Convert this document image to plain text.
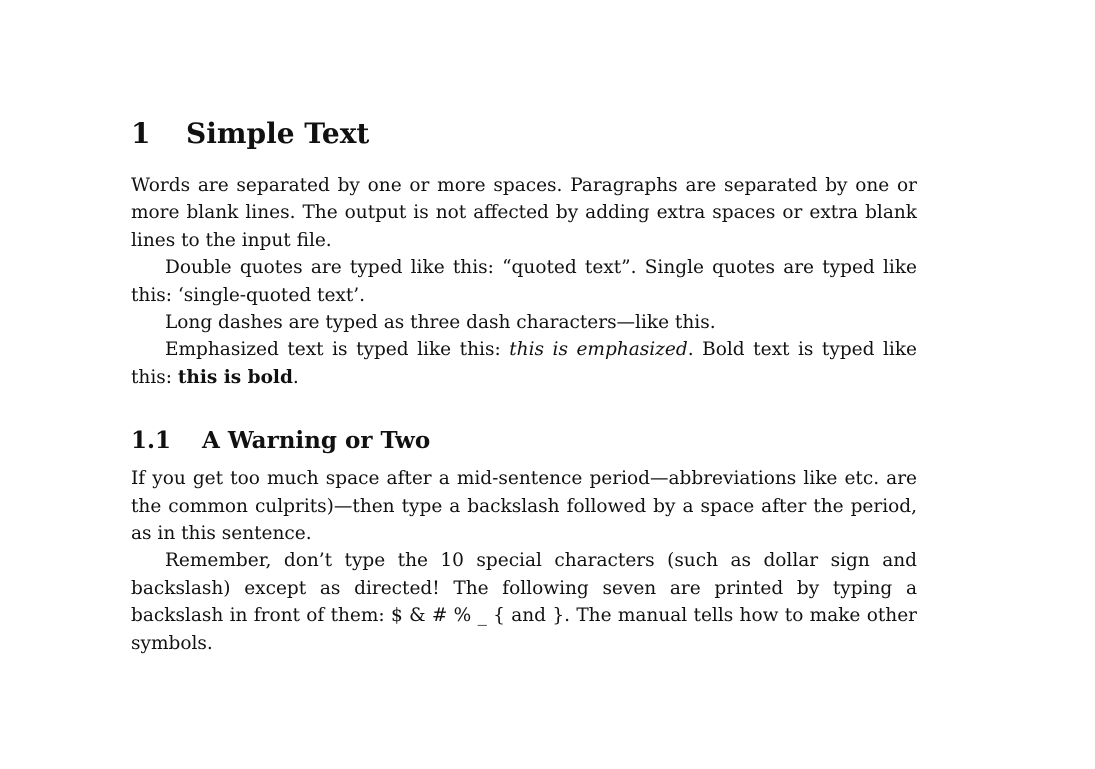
1 Simple Text

Words are separated by one or more spaces. Paragraphs are separated by one or more blank lines. The output is not affected by adding extra spaces or extra blank lines to the input file.

Double quotes are typed like this: “quoted text”. Single quotes are typed like this: ‘single-quoted text’.

Long dashes are typed as three dash characters—like this.

Emphasized text is typed like this: this is emphasized. Bold text is typed like this: this is bold.

1.1 A Warning or Two

If you get too much space after a mid-sentence period—abbreviations like etc. are the common culprits)—then type a backslash followed by a space after the period, as in this sentence.

Remember, don’t type the 10 special characters (such as dollar sign and backslash) except as directed! The following seven are printed by typing a backslash in front of them: $ & # % _ { and }. The manual tells how to make other symbols.
